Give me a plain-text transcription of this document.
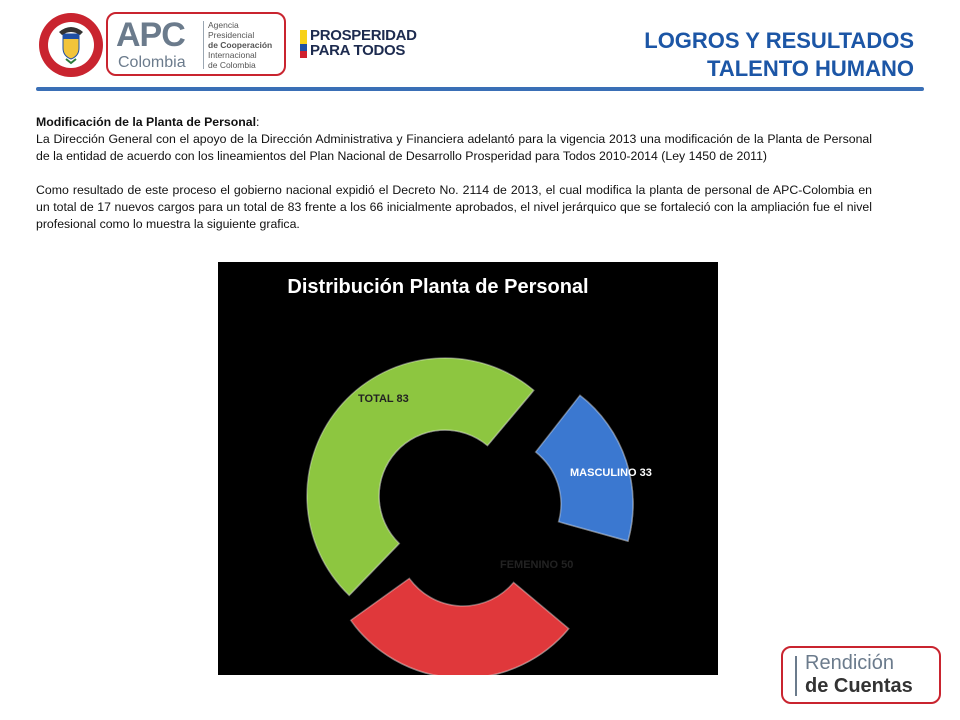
APC
Colombia
Agencia
Presidencial
de Cooperación
Internacional
de Colombia
PROSPERIDAD
PARA TODOS	LOGROS Y RESULTADOS
TALENTO HUMANO

Modificación de la Planta de Personal:

La Dirección General con el apoyo de la Dirección Administrativa y Financiera adelantó para la vigencia 2013 una modificación de la Planta de Personal de la entidad de acuerdo con los lineamientos del Plan Nacional de Desarrollo Prosperidad para Todos 2010-2014 (Ley 1450 de 2011)

Como resultado de este proceso el gobierno nacional expidió el Decreto No. 2114 de 2013, el cual modifica la planta de personal de APC-Colombia en un total de 17 nuevos cargos para un total de 83 frente a los 66 inicialmente aprobados, el nivel jerárquico que se fortaleció con la ampliación fue el nivel profesional como lo muestra la siguiente grafica.

Distribución Planta de Personal
TOTAL 83
MASCULINO 33
FEMENINO 50
Rendición
de Cuentas
